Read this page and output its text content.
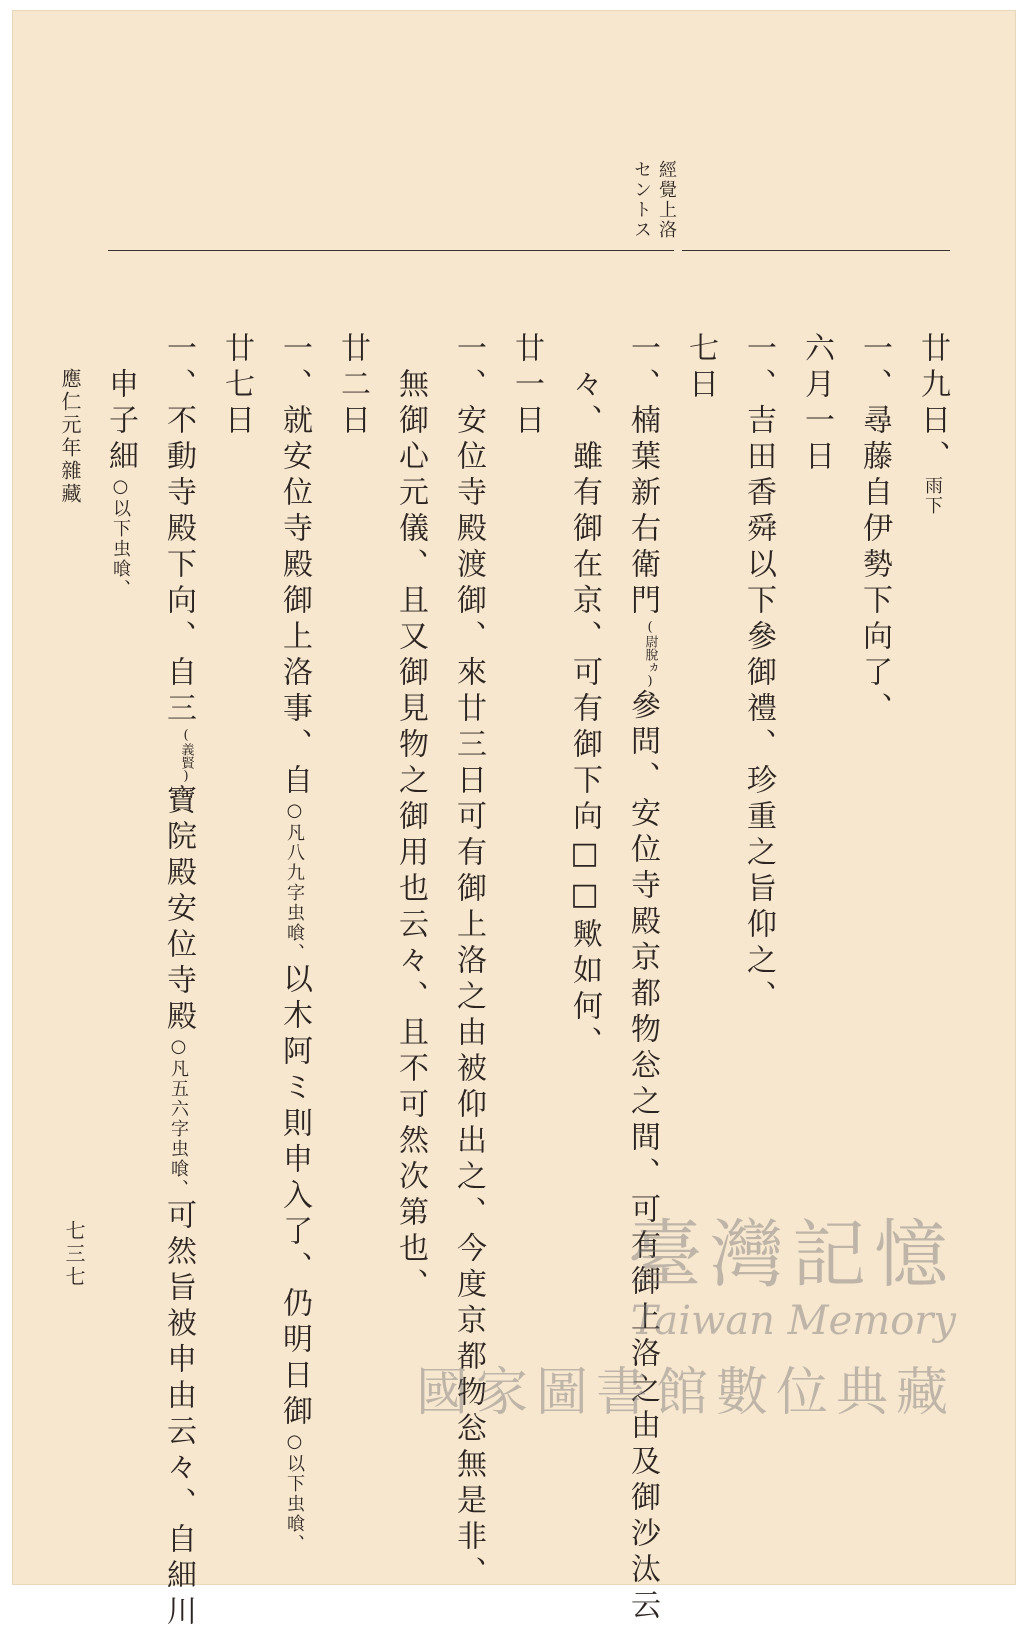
經覺上洛
セントス
廿九日、雨下
一、尋藤自伊勢下向了、
六月一日
一、吉田香舜以下參御禮、珍重之旨仰之、
七日
一、楠葉新右衛門(尉脫ヵ)參問、安位寺殿京都物忩之間、可有御上洛之由及御沙汰云
々、雖有御在京、可有御下向□□歟如何、
廿一日
一、安位寺殿渡御、來廿三日可有御上洛之由被仰出之、今度京都物忩無是非、
無御心元儀、且又御見物之御用也云々、且不可然次第也、
廿二日
一、就安位寺殿御上洛事、自○凡八九字虫喰、以木阿ミ則申入了、仍明日御○以下虫喰、
廿七日
一、不動寺殿下向、自三(義賢)寶院殿安位寺殿○凡五六字虫喰、可然旨被申由云々、自細川
申子細○以下虫喰、
應仁元年雜藏
七三七	臺灣記憶
Taiwan Memory
國家圖書館數位典藏
